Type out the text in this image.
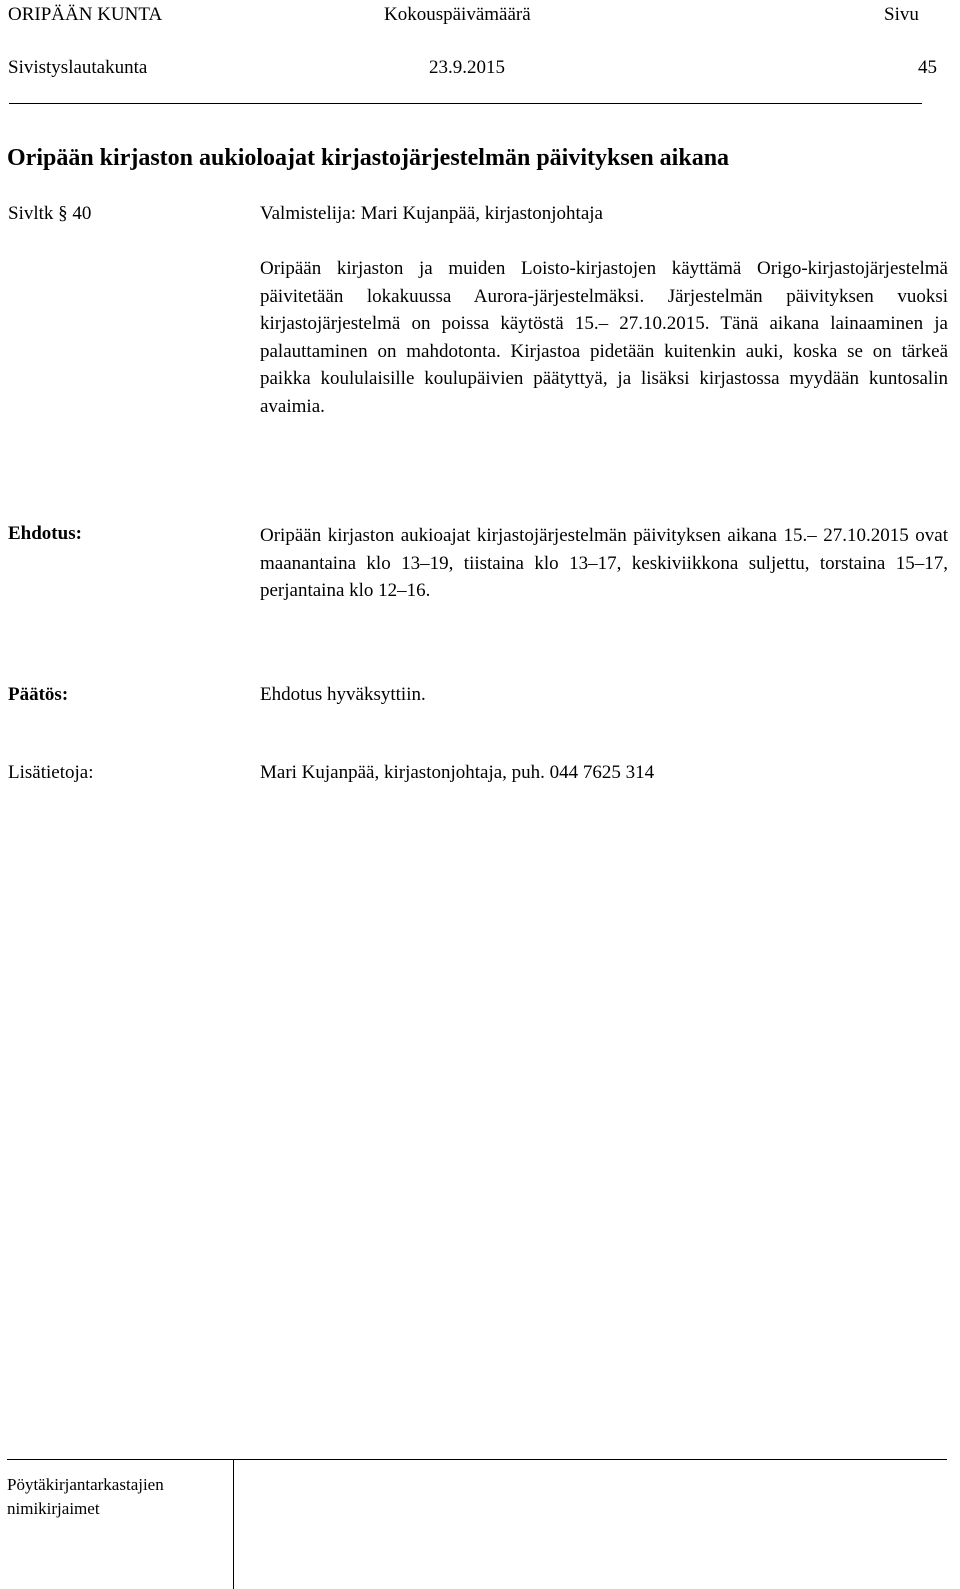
ORIPÄÄN KUNTA	Kokouspäivämäärä	Sivu
Sivistyslautakunta	23.9.2015	45
Oripään kirjaston aukioloajat kirjastojärjestelmän päivityksen aikana
Sivltk § 40	Valmistelija: Mari Kujanpää, kirjastonjohtaja
Oripään kirjaston ja muiden Loisto-kirjastojen käyttämä Origo-kirjastojärjestelmä päivitetään lokakuussa Aurora-järjestelmäksi. Järjestelmän päivityksen vuoksi kirjastojärjestelmä on poissa käytöstä 15.– 27.10.2015. Tänä aikana lainaaminen ja palauttaminen on mahdotonta. Kirjastoa pidetään kuitenkin auki, koska se on tärkeä paikka koululaisille koulupäivien päätyttyä, ja lisäksi kirjastossa myydään kuntosalin avaimia.
Ehdotus:	Oripään kirjaston aukioajat kirjastojärjestelmän päivityksen aikana 15.– 27.10.2015 ovat maanantaina klo 13–19, tiistaina klo 13–17, keskiviikkona suljettu, torstaina 15–17, perjantaina klo 12–16.
Päätös:	Ehdotus hyväksyttiin.
Lisätietoja:	Mari Kujanpää, kirjastonjohtaja, puh. 044 7625 314
Pöytäkirjantarkastajien nimikirjaimet
